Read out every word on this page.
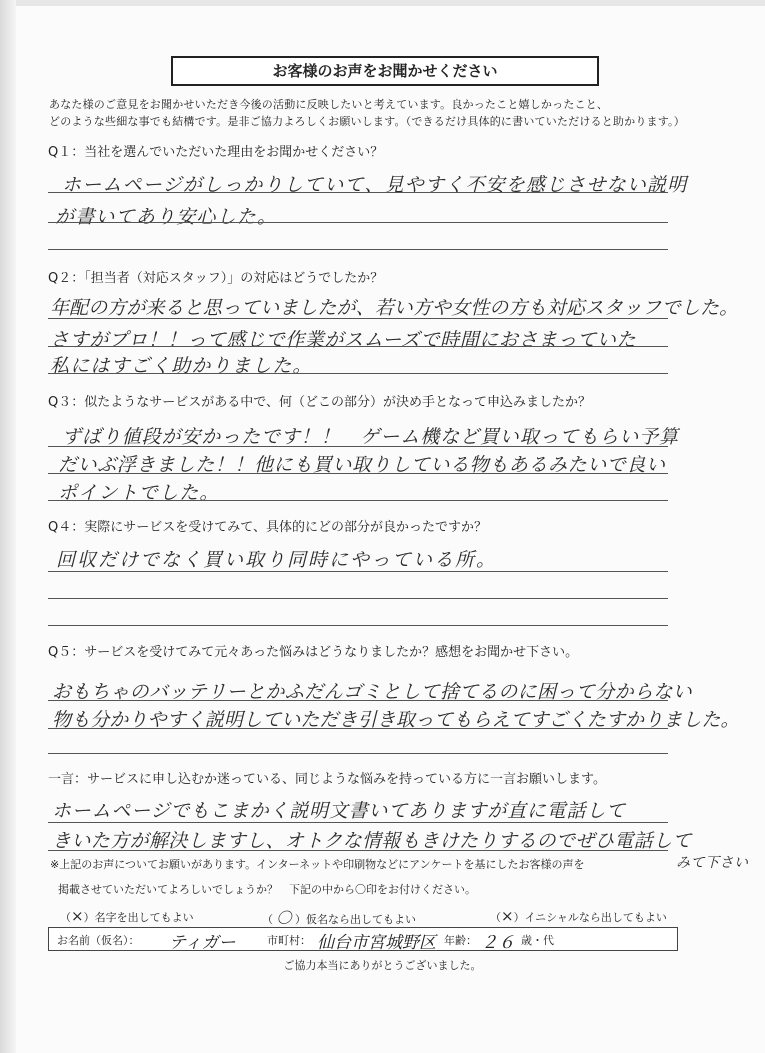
お客様のお声をお聞かせください
あなた様のご意見をお聞かせいただき今後の活動に反映したいと考えています。良かったこと嬉しかったこと、
どのような些細な事でも結構です。是非ご協力よろしくお願いします。（できるだけ具体的に書いていただけると助かります。）
Q１：当社を選んでいただいた理由をお聞かせください？
ホームページがしっかりしていて、見やすく不安を感じさせない説明
が書いてあり安心した。
Q２：「担当者（対応スタッフ）」の対応はどうでしたか？
年配の方が来ると思っていましたが、若い方や女性の方も対応スタッフでした。
さすがプロ！！って感じで作業がスムーズで時間におさまっていた
私にはすごく助かりました。
Q３：似たようなサービスがある中で、何（どこの部分）が決め手となって申込みましたか？
ずばり値段が安かったです！！　ゲーム機など買い取ってもらい予算
だいぶ浮きました！！他にも買い取りしている物もあるみたいで良い
ポイントでした。
Q４：実際にサービスを受けてみて、具体的にどの部分が良かったですか？
回収だけでなく買い取り同時にやっている所。
Q５：サービスを受けてみて元々あった悩みはどうなりましたか？感想をお聞かせ下さい。
おもちゃのバッテリーとかふだんゴミとして捨てるのに困って分からない
物も分かりやすく説明していただき引き取ってもらえてすごくたすかりました。
一言：サービスに申し込むか迷っている、同じような悩みを持っている方に一言お願いします。
ホームページでもこまかく説明文書いてありますが直に電話して
きいた方が解決しますし、オトクな情報もきけたりするのでぜひ電話して
※上記のお声についてお願いがあります。インターネットや印刷物などにアンケートを基にしたお客様の声を	みて下さい
掲載させていただいてよろしいでしょうか？　下記の中から〇印をお付けください。
（×）名字を出してもよい	（ 〇 ）仮名なら出してもよい	（×）イニシャルなら出してもよい
お名前（仮名）： ティガー	市町村： 仙台市宮城野区 年齢： ２６ 歳・代
ご協力本当にありがとうございました。
